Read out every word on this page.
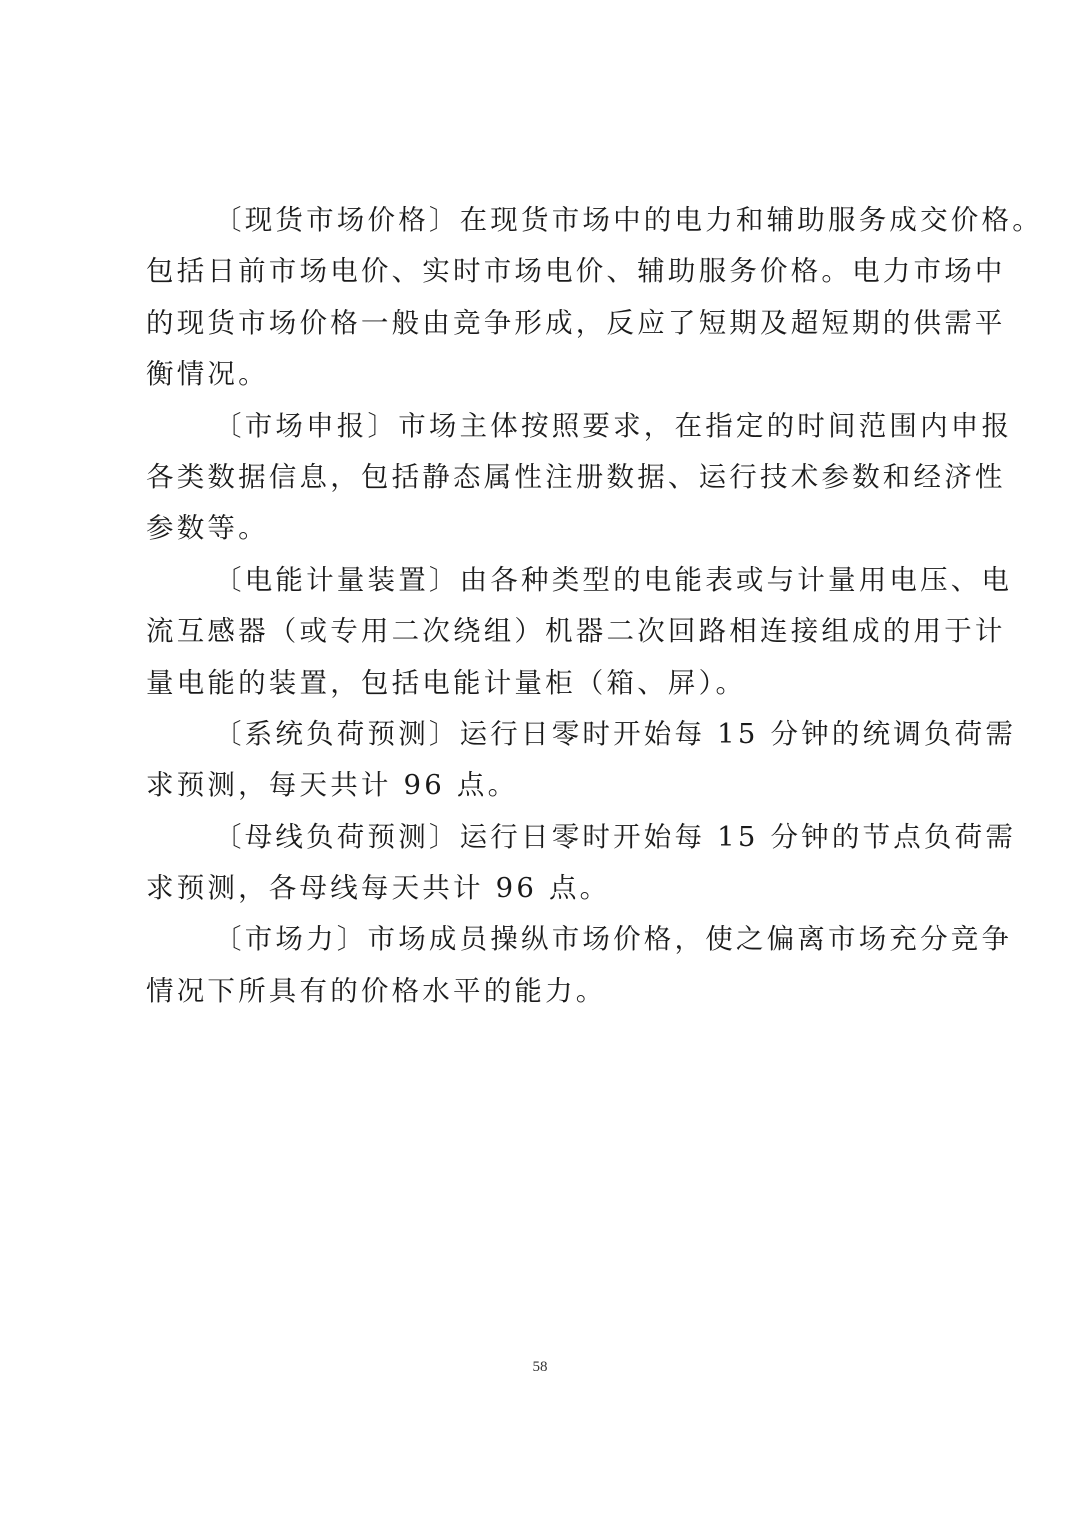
〔现货市场价格〕在现货市场中的电力和辅助服务成交价格。
包括日前市场电价、实时市场电价、辅助服务价格。电力市场中
的现货市场价格一般由竞争形成，反应了短期及超短期的供需平
衡情况。
〔市场申报〕市场主体按照要求，在指定的时间范围内申报
各类数据信息，包括静态属性注册数据、运行技术参数和经济性
参数等。
〔电能计量装置〕由各种类型的电能表或与计量用电压、电
流互感器（或专用二次绕组）机器二次回路相连接组成的用于计
量电能的装置，包括电能计量柜（箱、屏）。
〔系统负荷预测〕运行日零时开始每 15 分钟的统调负荷需
求预测，每天共计 96 点。
〔母线负荷预测〕运行日零时开始每 15 分钟的节点负荷需
求预测，各母线每天共计 96 点。
〔市场力〕市场成员操纵市场价格，使之偏离市场充分竞争
情况下所具有的价格水平的能力。
58
